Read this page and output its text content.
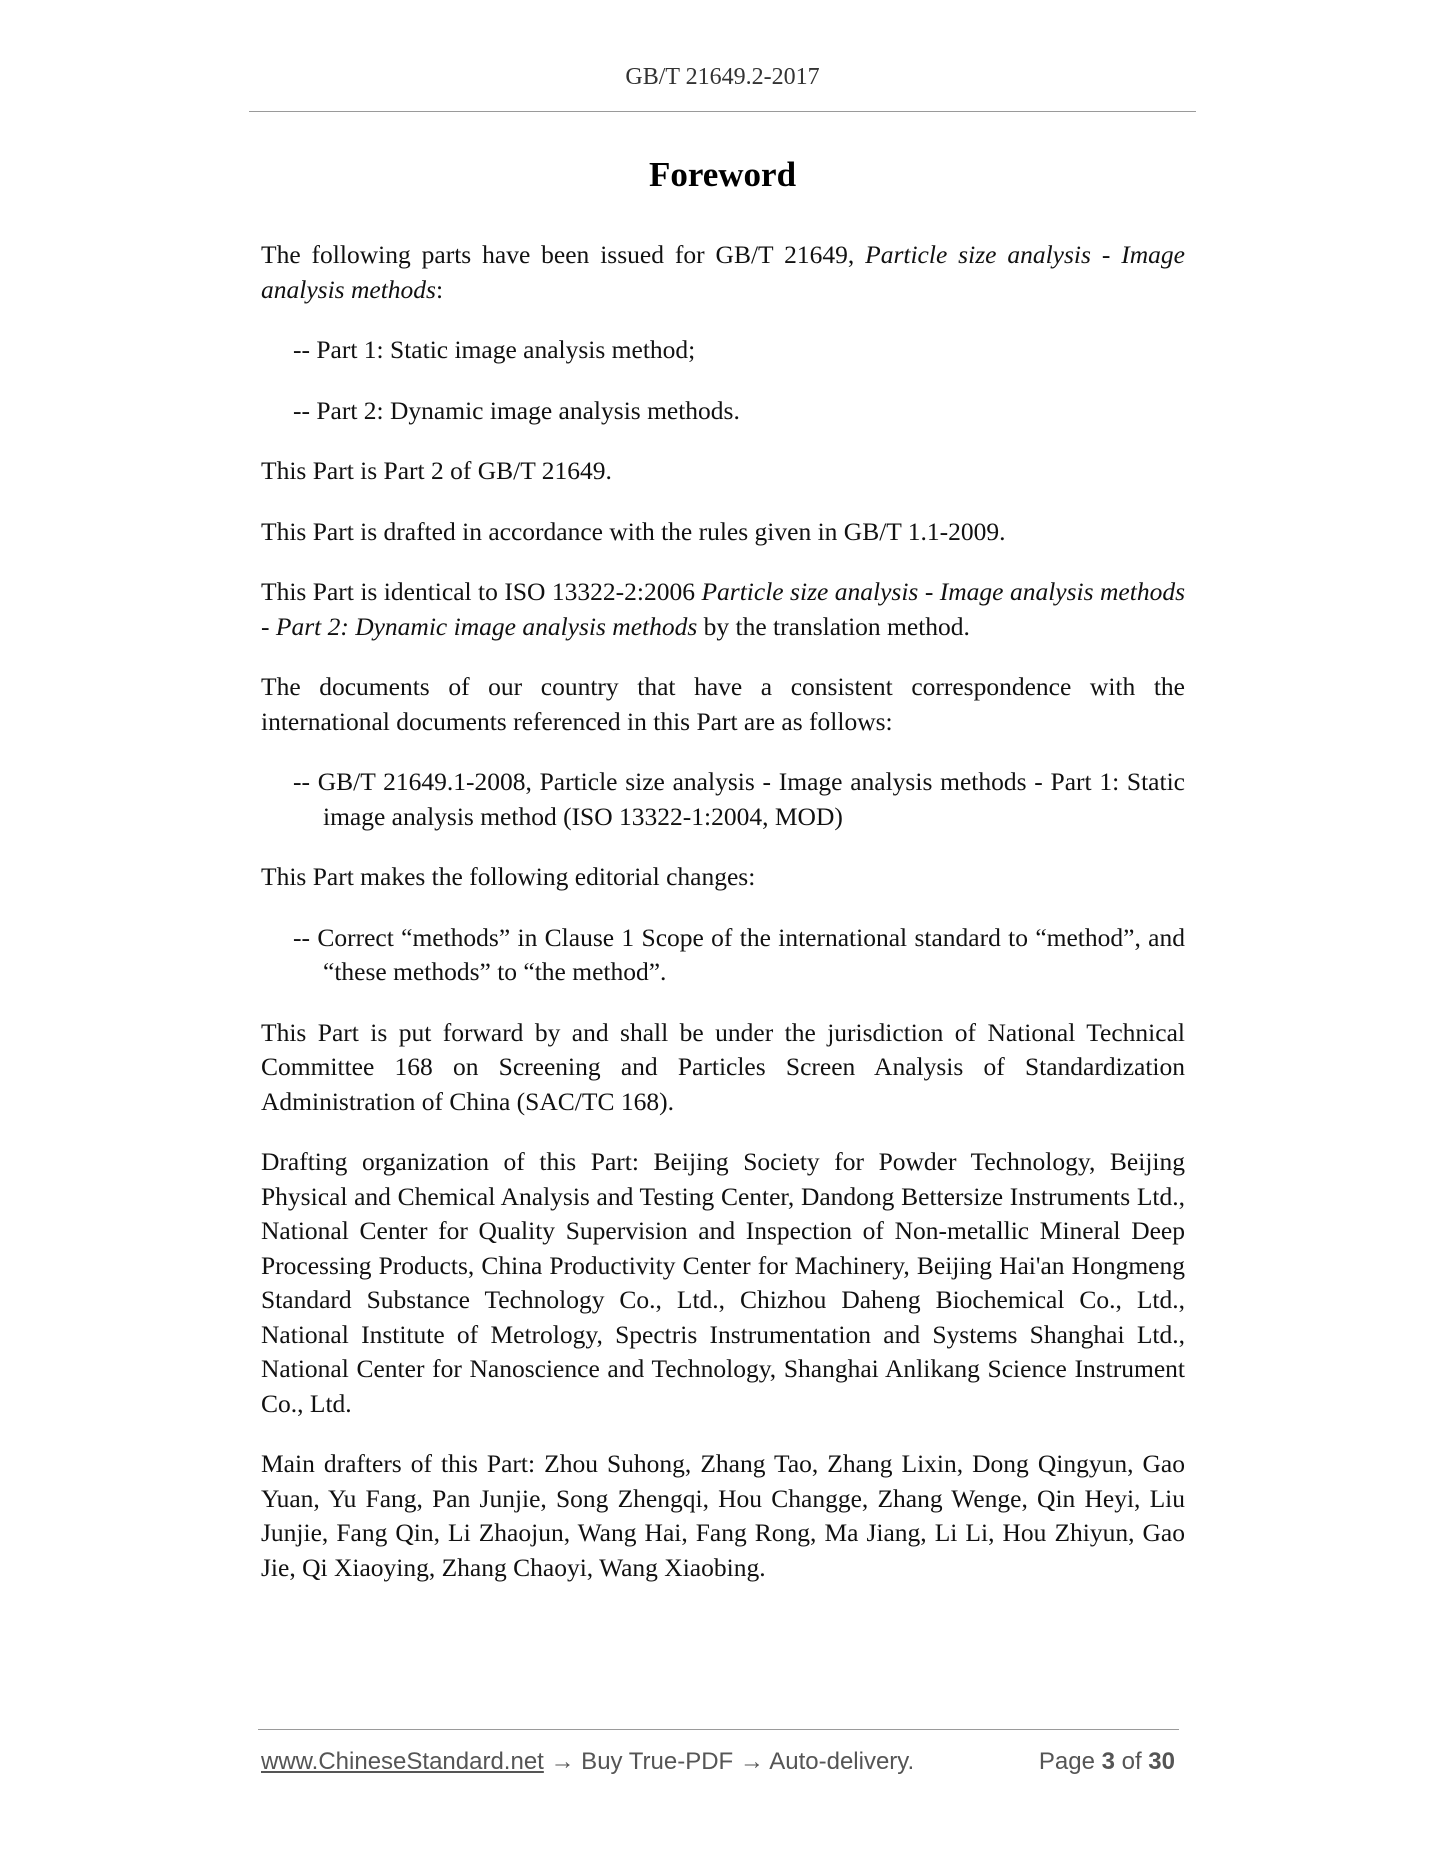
GB/T 21649.2-2017
Foreword

The following parts have been issued for GB/T 21649, Particle size analysis - Image analysis methods:

-- Part 1: Static image analysis method;

-- Part 2: Dynamic image analysis methods.

This Part is Part 2 of GB/T 21649.

This Part is drafted in accordance with the rules given in GB/T 1.1-2009.

This Part is identical to ISO 13322-2:2006 Particle size analysis - Image analysis methods - Part 2: Dynamic image analysis methods by the translation method.

The documents of our country that have a consistent correspondence with the international documents referenced in this Part are as follows:

-- GB/T 21649.1-2008, Particle size analysis - Image analysis methods - Part 1: Static image analysis method (ISO 13322-1:2004, MOD)

This Part makes the following editorial changes:

-- Correct “methods” in Clause 1 Scope of the international standard to “method”, and “these methods” to “the method”.

This Part is put forward by and shall be under the jurisdiction of National Technical Committee 168 on Screening and Particles Screen Analysis of Standardization Administration of China (SAC/TC 168).

Drafting organization of this Part: Beijing Society for Powder Technology, Beijing Physical and Chemical Analysis and Testing Center, Dandong Bettersize Instruments Ltd., National Center for Quality Supervision and Inspection of Non-metallic Mineral Deep Processing Products, China Productivity Center for Machinery, Beijing Hai'an Hongmeng Standard Substance Technology Co., Ltd., Chizhou Daheng Biochemical Co., Ltd., National Institute of Metrology, Spectris Instrumentation and Systems Shanghai Ltd., National Center for Nanoscience and Technology, Shanghai Anlikang Science Instrument Co., Ltd.

Main drafters of this Part: Zhou Suhong, Zhang Tao, Zhang Lixin, Dong Qingyun, Gao Yuan, Yu Fang, Pan Junjie, Song Zhengqi, Hou Changge, Zhang Wenge, Qin Heyi, Liu Junjie, Fang Qin, Li Zhaojun, Wang Hai, Fang Rong, Ma Jiang, Li Li, Hou Zhiyun, Gao Jie, Qi Xiaoying, Zhang Chaoyi, Wang Xiaobing.

www.ChineseStandard.net → Buy True-PDF → Auto-delivery.	Page 3 of 30
